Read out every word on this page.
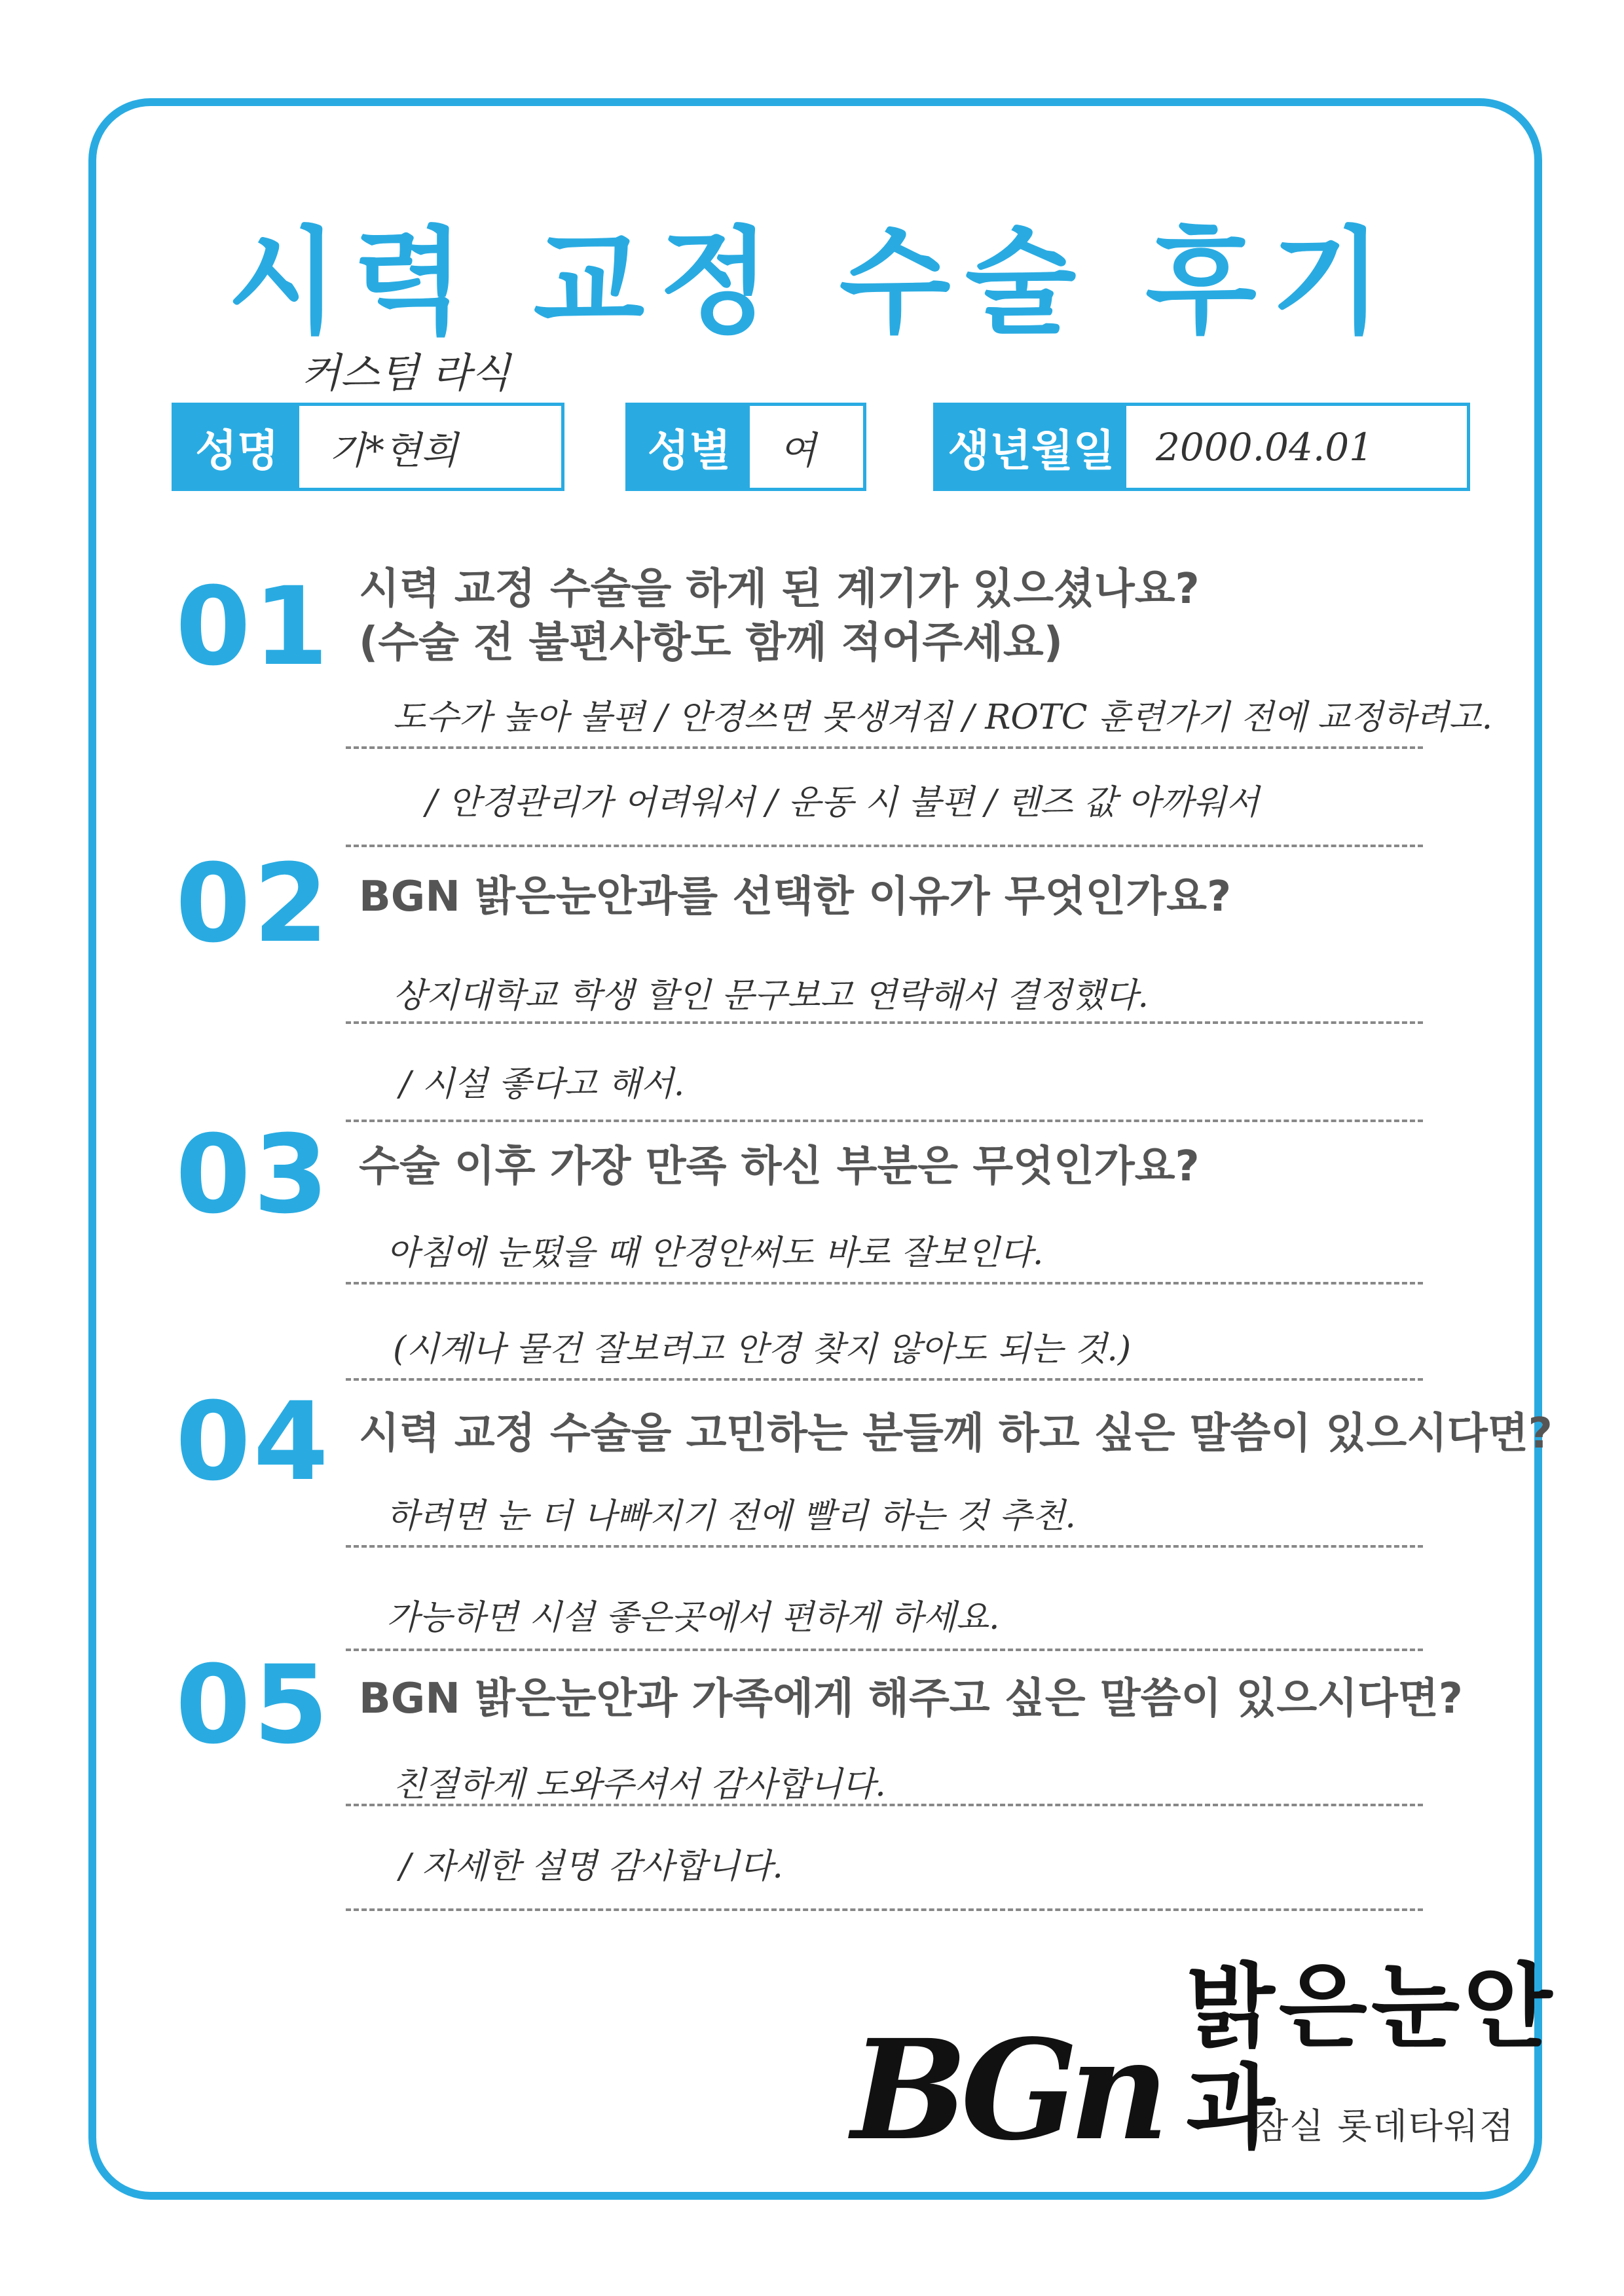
시력 교정 수술 후기
커스텀 라식
성명	기*현희	성별	여	생년월일	2000.04.01
01 시력 교정 수술을 하게 된 계기가 있으셨나요?
(수술 전 불편사항도 함께 적어주세요)
도수가 높아 불편 / 안경쓰면 못생겨짐 / ROTC 훈련가기 전에 교정하려고.
/ 안경관리가 어려워서 / 운동 시 불편 / 렌즈 값 아까워서
02 BGN 밝은눈안과를 선택한 이유가 무엇인가요?
상지대학교 학생 할인 문구보고 연락해서 결정했다.
/ 시설 좋다고 해서.
03 수술 이후 가장 만족 하신 부분은 무엇인가요?
아침에 눈떴을 때 안경안써도 바로 잘보인다.
(시계나 물건 잘보려고 안경 찾지 않아도 되는 것.)
04 시력 교정 수술을 고민하는 분들께 하고 싶은 말씀이 있으시다면?
하려면 눈 더 나빠지기 전에 빨리 하는 것 추천.
가능하면 시설 좋은곳에서 편하게 하세요.
05 BGN 밝은눈안과 가족에게 해주고 싶은 말씀이 있으시다면?
친절하게 도와주셔서 감사합니다.
/ 자세한 설명 감사합니다.
BGn
밝은눈안과
잠실 롯데타워점
